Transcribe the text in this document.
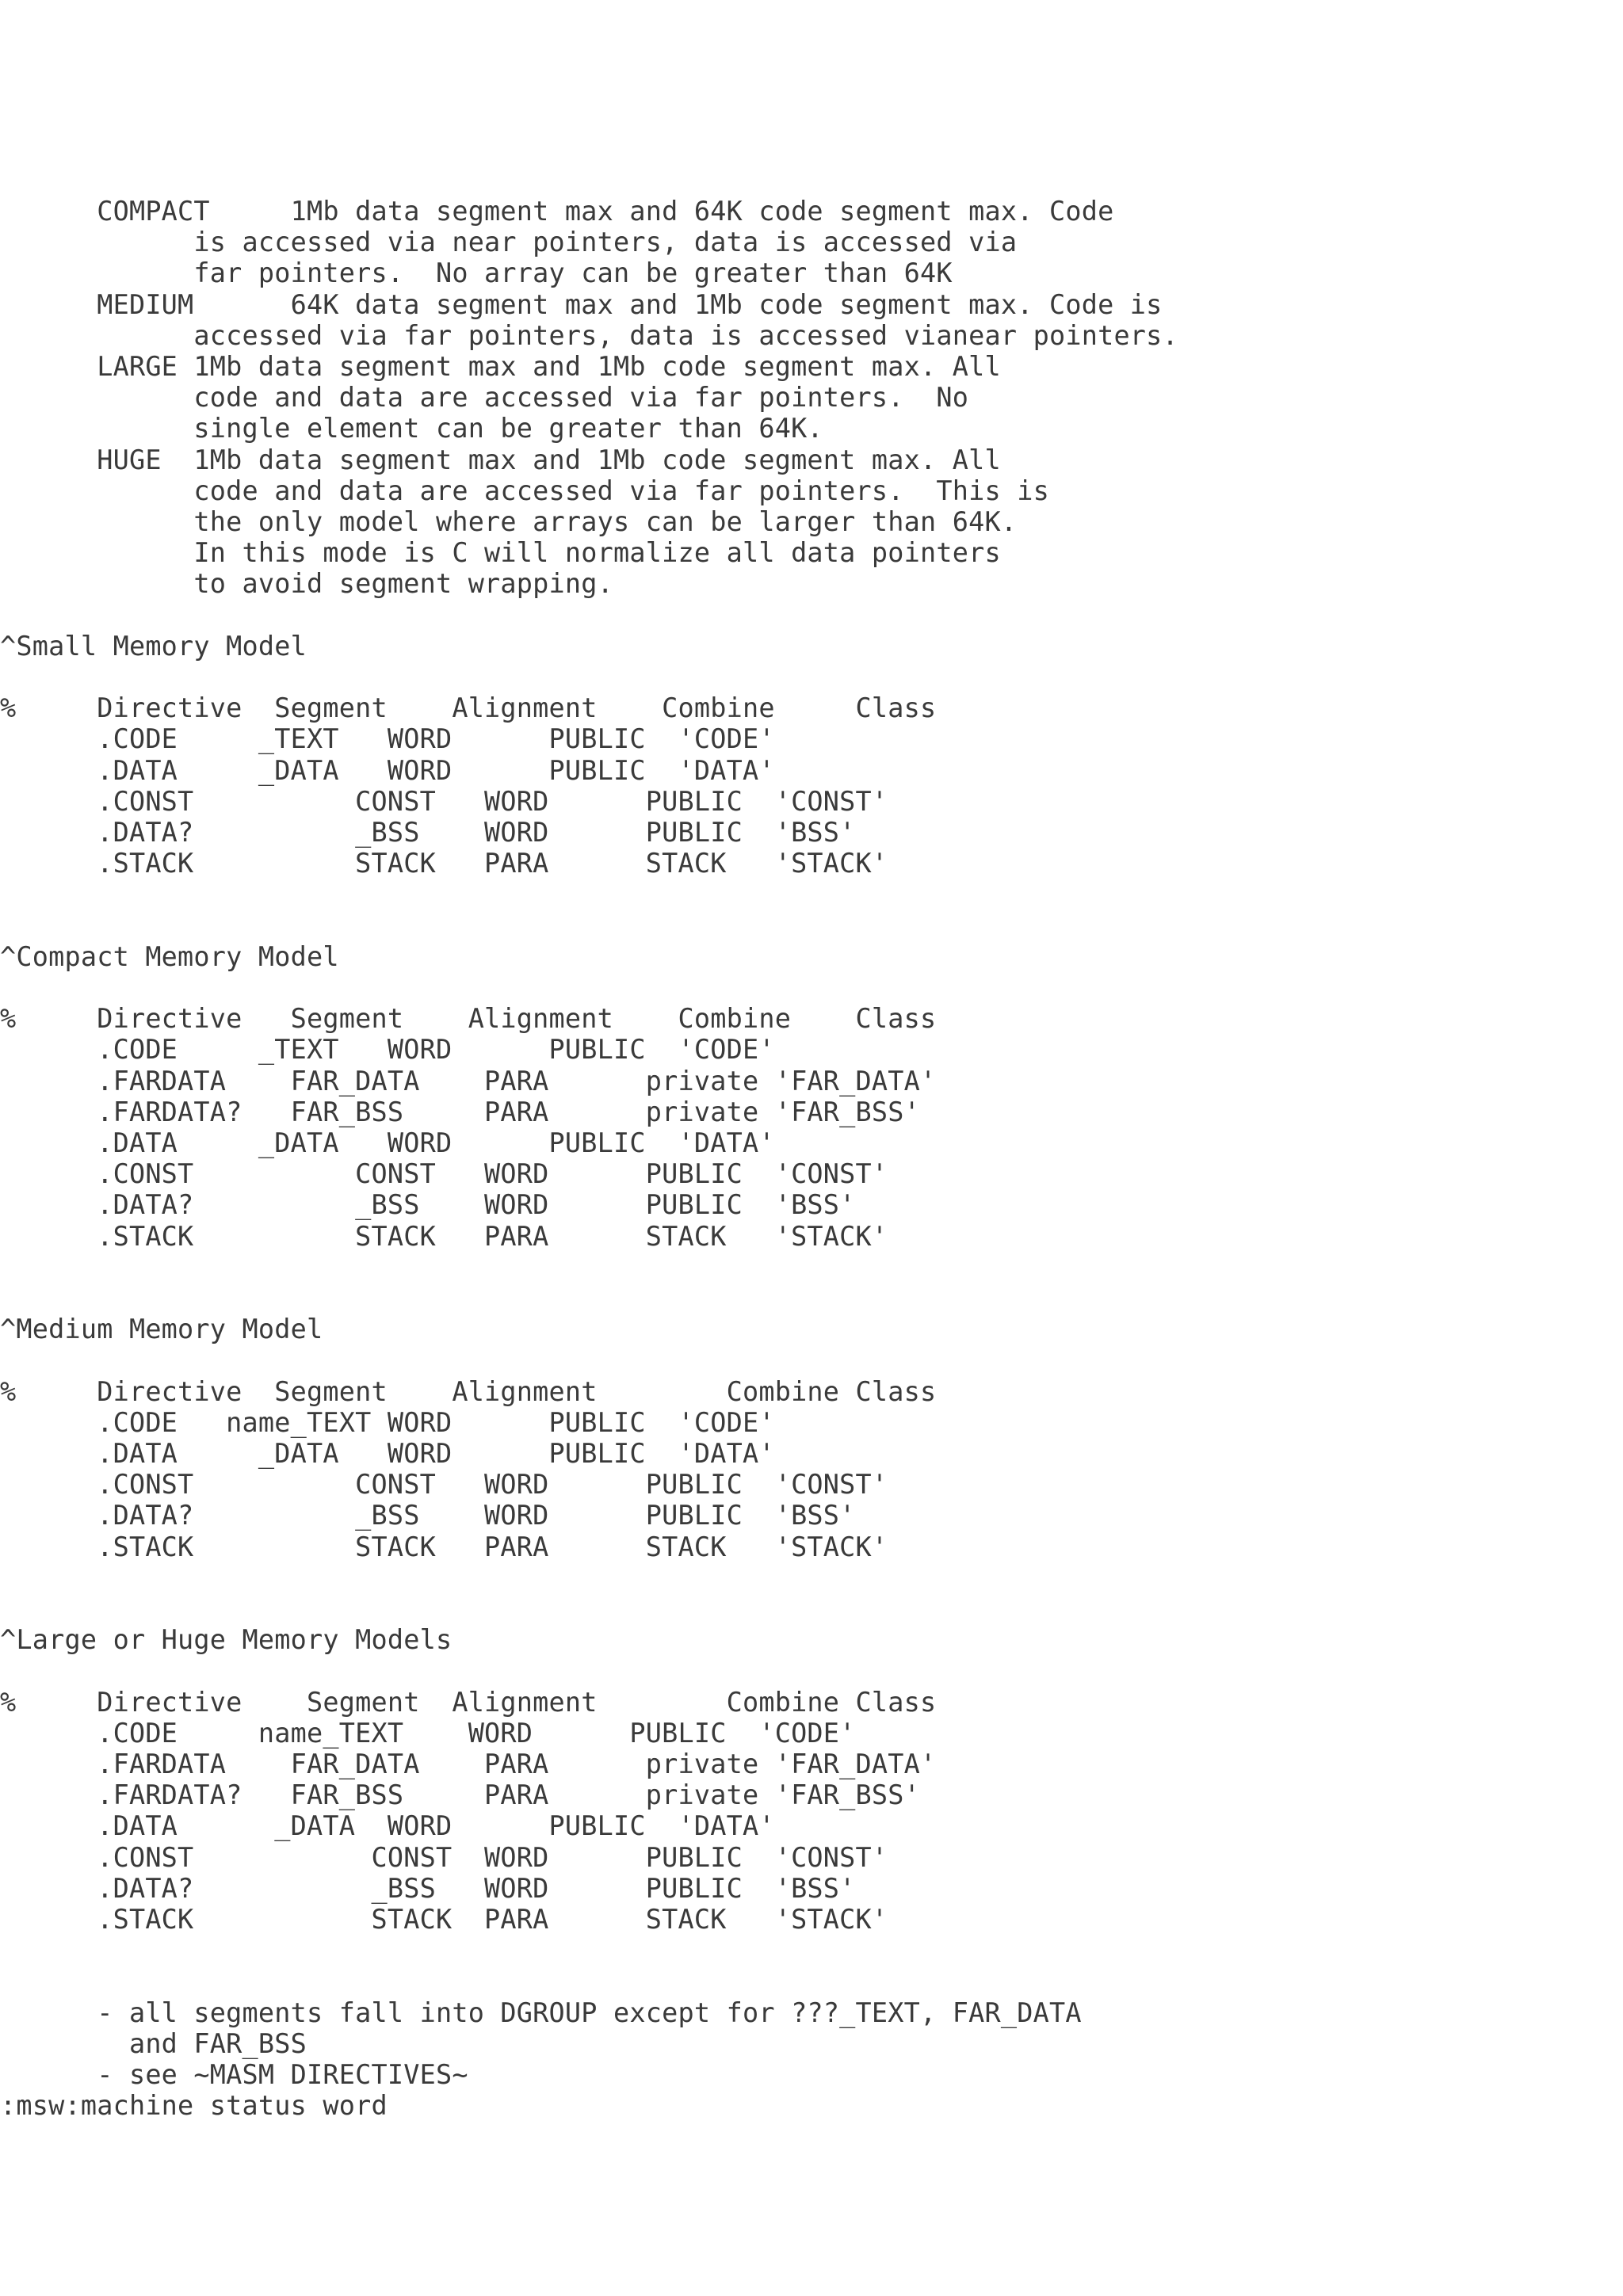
COMPACT     1Mb data segment max and 64K code segment max. Code
is accessed via near pointers, data is accessed via
far pointers.  No array can be greater than 64K
MEDIUM      64K data segment max and 1Mb code segment max. Code is
accessed via far pointers, data is accessed vianear pointers.
LARGE 1Mb data segment max and 1Mb code segment max. All
code and data are accessed via far pointers.  No
single element can be greater than 64K.
HUGE  1Mb data segment max and 1Mb code segment max. All
code and data are accessed via far pointers.  This is
the only model where arrays can be larger than 64K.
In this mode is C will normalize all data pointers
to avoid segment wrapping.
^Small Memory Model
%     Directive  Segment    Alignment    Combine     Class
.CODE     _TEXT   WORD      PUBLIC  'CODE'
.DATA     _DATA   WORD      PUBLIC  'DATA'
.CONST          CONST   WORD      PUBLIC  'CONST'
.DATA?          _BSS    WORD      PUBLIC  'BSS'
.STACK          STACK   PARA      STACK   'STACK'
^Compact Memory Model
%     Directive   Segment    Alignment    Combine    Class
.CODE     _TEXT   WORD      PUBLIC  'CODE'
.FARDATA    FAR_DATA    PARA      private 'FAR_DATA'
.FARDATA?   FAR_BSS     PARA      private 'FAR_BSS'
.DATA     _DATA   WORD      PUBLIC  'DATA'
.CONST          CONST   WORD      PUBLIC  'CONST'
.DATA?          _BSS    WORD      PUBLIC  'BSS'
.STACK          STACK   PARA      STACK   'STACK'
^Medium Memory Model
%     Directive  Segment    Alignment        Combine Class
.CODE   name_TEXT WORD      PUBLIC  'CODE'
.DATA     _DATA   WORD      PUBLIC  'DATA'
.CONST          CONST   WORD      PUBLIC  'CONST'
.DATA?          _BSS    WORD      PUBLIC  'BSS'
.STACK          STACK   PARA      STACK   'STACK'
^Large or Huge Memory Models
%     Directive    Segment  Alignment        Combine Class
.CODE     name_TEXT    WORD      PUBLIC  'CODE'
.FARDATA    FAR_DATA    PARA      private 'FAR_DATA'
.FARDATA?   FAR_BSS     PARA      private 'FAR_BSS'
.DATA      _DATA  WORD      PUBLIC  'DATA'
.CONST           CONST  WORD      PUBLIC  'CONST'
.DATA?           _BSS   WORD      PUBLIC  'BSS'
.STACK           STACK  PARA      STACK   'STACK'
- all segments fall into DGROUP except for ???_TEXT, FAR_DATA
and FAR_BSS
- see ~MASM DIRECTIVES~
:msw:machine status word
